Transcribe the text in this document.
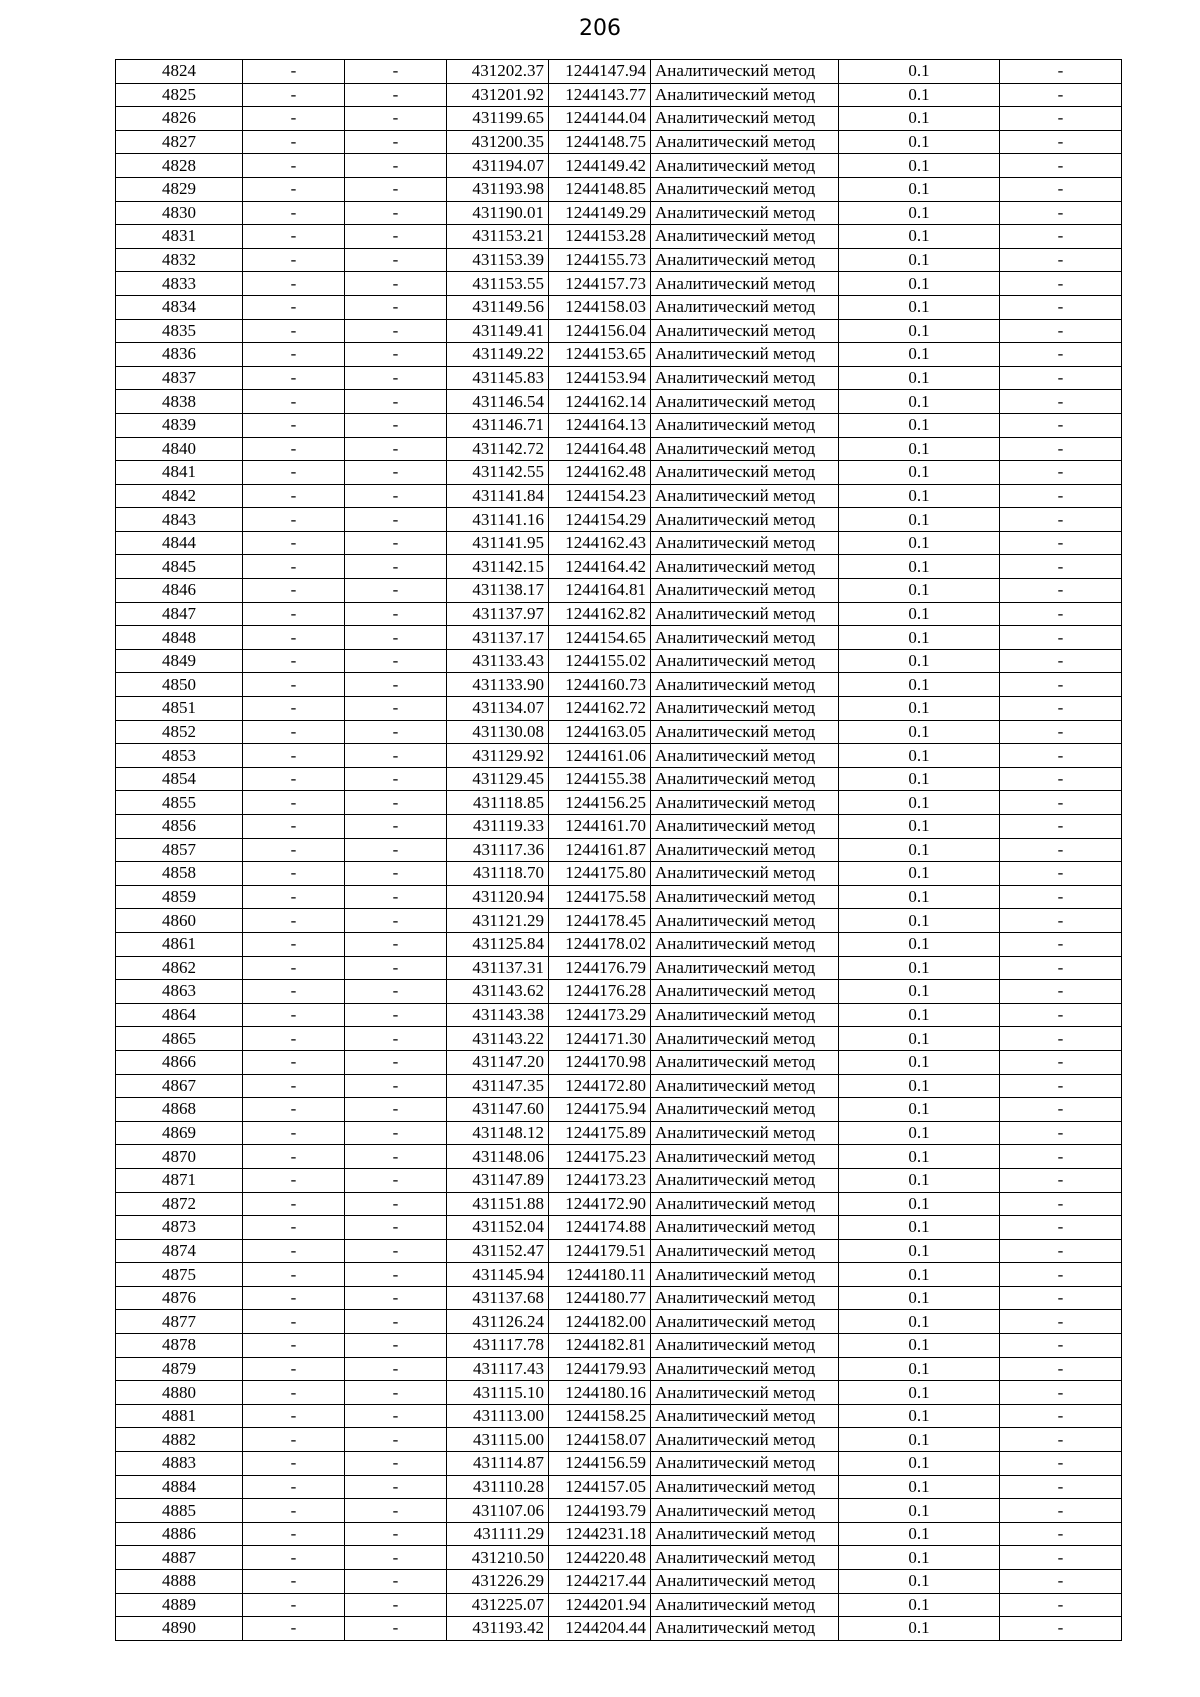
206
4824	-	-	431202.37	1244147.94	Аналитический метод	0.1	-
4825	-	-	431201.92	1244143.77	Аналитический метод	0.1	-
4826	-	-	431199.65	1244144.04	Аналитический метод	0.1	-
4827	-	-	431200.35	1244148.75	Аналитический метод	0.1	-
4828	-	-	431194.07	1244149.42	Аналитический метод	0.1	-
4829	-	-	431193.98	1244148.85	Аналитический метод	0.1	-
4830	-	-	431190.01	1244149.29	Аналитический метод	0.1	-
4831	-	-	431153.21	1244153.28	Аналитический метод	0.1	-
4832	-	-	431153.39	1244155.73	Аналитический метод	0.1	-
4833	-	-	431153.55	1244157.73	Аналитический метод	0.1	-
4834	-	-	431149.56	1244158.03	Аналитический метод	0.1	-
4835	-	-	431149.41	1244156.04	Аналитический метод	0.1	-
4836	-	-	431149.22	1244153.65	Аналитический метод	0.1	-
4837	-	-	431145.83	1244153.94	Аналитический метод	0.1	-
4838	-	-	431146.54	1244162.14	Аналитический метод	0.1	-
4839	-	-	431146.71	1244164.13	Аналитический метод	0.1	-
4840	-	-	431142.72	1244164.48	Аналитический метод	0.1	-
4841	-	-	431142.55	1244162.48	Аналитический метод	0.1	-
4842	-	-	431141.84	1244154.23	Аналитический метод	0.1	-
4843	-	-	431141.16	1244154.29	Аналитический метод	0.1	-
4844	-	-	431141.95	1244162.43	Аналитический метод	0.1	-
4845	-	-	431142.15	1244164.42	Аналитический метод	0.1	-
4846	-	-	431138.17	1244164.81	Аналитический метод	0.1	-
4847	-	-	431137.97	1244162.82	Аналитический метод	0.1	-
4848	-	-	431137.17	1244154.65	Аналитический метод	0.1	-
4849	-	-	431133.43	1244155.02	Аналитический метод	0.1	-
4850	-	-	431133.90	1244160.73	Аналитический метод	0.1	-
4851	-	-	431134.07	1244162.72	Аналитический метод	0.1	-
4852	-	-	431130.08	1244163.05	Аналитический метод	0.1	-
4853	-	-	431129.92	1244161.06	Аналитический метод	0.1	-
4854	-	-	431129.45	1244155.38	Аналитический метод	0.1	-
4855	-	-	431118.85	1244156.25	Аналитический метод	0.1	-
4856	-	-	431119.33	1244161.70	Аналитический метод	0.1	-
4857	-	-	431117.36	1244161.87	Аналитический метод	0.1	-
4858	-	-	431118.70	1244175.80	Аналитический метод	0.1	-
4859	-	-	431120.94	1244175.58	Аналитический метод	0.1	-
4860	-	-	431121.29	1244178.45	Аналитический метод	0.1	-
4861	-	-	431125.84	1244178.02	Аналитический метод	0.1	-
4862	-	-	431137.31	1244176.79	Аналитический метод	0.1	-
4863	-	-	431143.62	1244176.28	Аналитический метод	0.1	-
4864	-	-	431143.38	1244173.29	Аналитический метод	0.1	-
4865	-	-	431143.22	1244171.30	Аналитический метод	0.1	-
4866	-	-	431147.20	1244170.98	Аналитический метод	0.1	-
4867	-	-	431147.35	1244172.80	Аналитический метод	0.1	-
4868	-	-	431147.60	1244175.94	Аналитический метод	0.1	-
4869	-	-	431148.12	1244175.89	Аналитический метод	0.1	-
4870	-	-	431148.06	1244175.23	Аналитический метод	0.1	-
4871	-	-	431147.89	1244173.23	Аналитический метод	0.1	-
4872	-	-	431151.88	1244172.90	Аналитический метод	0.1	-
4873	-	-	431152.04	1244174.88	Аналитический метод	0.1	-
4874	-	-	431152.47	1244179.51	Аналитический метод	0.1	-
4875	-	-	431145.94	1244180.11	Аналитический метод	0.1	-
4876	-	-	431137.68	1244180.77	Аналитический метод	0.1	-
4877	-	-	431126.24	1244182.00	Аналитический метод	0.1	-
4878	-	-	431117.78	1244182.81	Аналитический метод	0.1	-
4879	-	-	431117.43	1244179.93	Аналитический метод	0.1	-
4880	-	-	431115.10	1244180.16	Аналитический метод	0.1	-
4881	-	-	431113.00	1244158.25	Аналитический метод	0.1	-
4882	-	-	431115.00	1244158.07	Аналитический метод	0.1	-
4883	-	-	431114.87	1244156.59	Аналитический метод	0.1	-
4884	-	-	431110.28	1244157.05	Аналитический метод	0.1	-
4885	-	-	431107.06	1244193.79	Аналитический метод	0.1	-
4886	-	-	431111.29	1244231.18	Аналитический метод	0.1	-
4887	-	-	431210.50	1244220.48	Аналитический метод	0.1	-
4888	-	-	431226.29	1244217.44	Аналитический метод	0.1	-
4889	-	-	431225.07	1244201.94	Аналитический метод	0.1	-
4890	-	-	431193.42	1244204.44	Аналитический метод	0.1	-
